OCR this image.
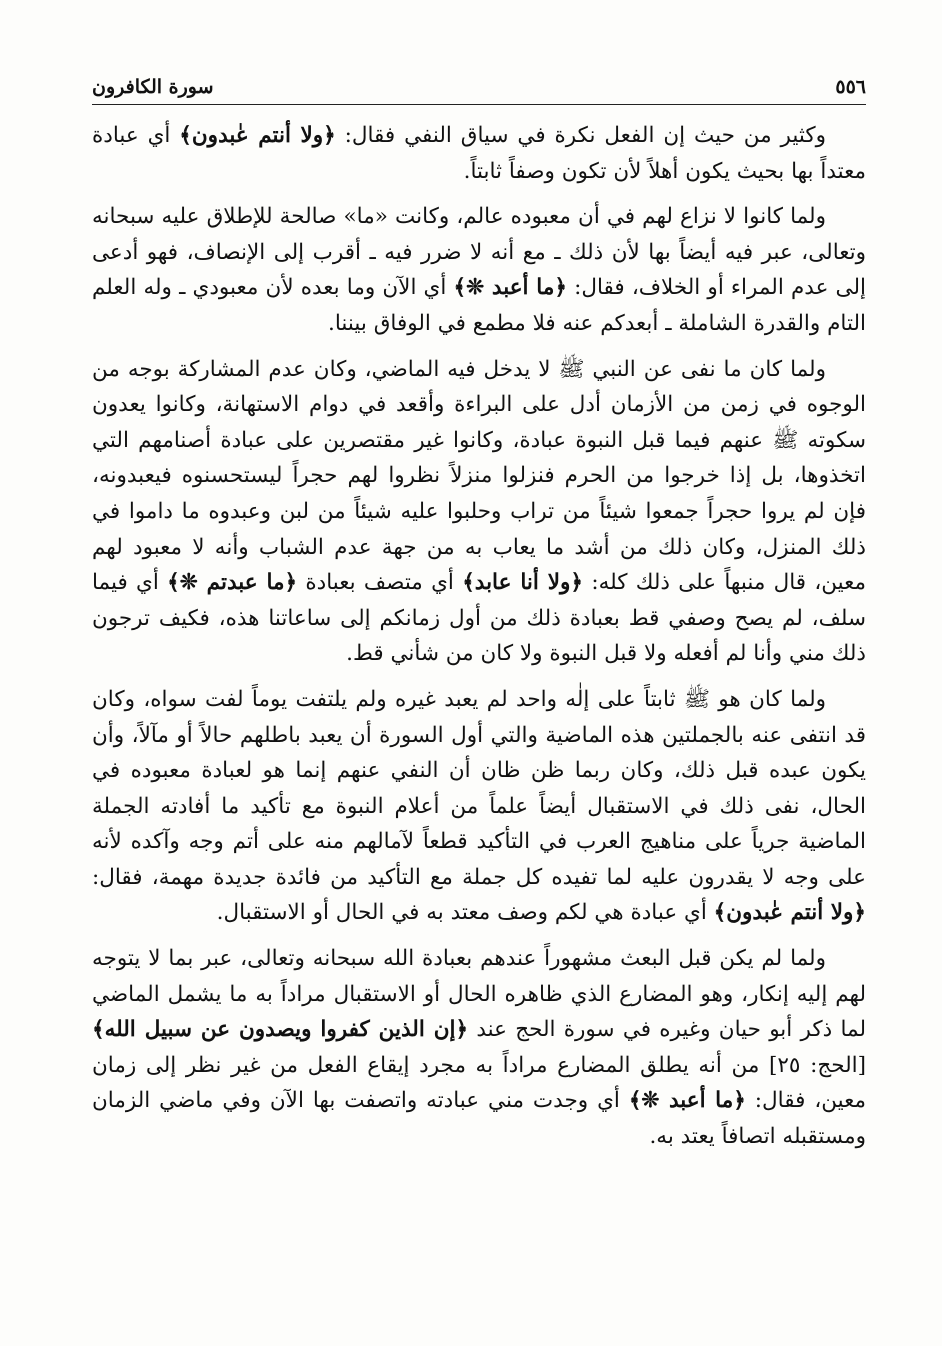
٥٥٦
سورة الكافرون

وكثير من حيث إن الفعل نكرة في سياق النفي فقال: ﴿ولا أنتم عٰبدون﴾ أي عبادة معتداً بها بحيث يكون أهلاً لأن تكون وصفاً ثابتاً.

ولما كانوا لا نزاع لهم في أن معبوده عالم، وكانت «ما» صالحة للإطلاق عليه سبحانه وتعالى، عبر فيه أيضاً بها لأن ذلك ـ مع أنه لا ضرر فيه ـ أقرب إلى الإنصاف، فهو أدعى إلى عدم المراء أو الخلاف، فقال: ﴿ما أعبد ❊﴾ أي الآن وما بعده لأن معبودي ـ وله العلم التام والقدرة الشاملة ـ أبعدكم عنه فلا مطمع في الوفاق بيننا.

ولما كان ما نفى عن النبي ﷺ لا يدخل فيه الماضي، وكان عدم المشاركة بوجه من الوجوه في زمن من الأزمان أدل على البراءة وأقعد في دوام الاستهانة، وكانوا يعدون سكوته ﷺ عنهم فيما قبل النبوة عبادة، وكانوا غير مقتصرين على عبادة أصنامهم التي اتخذوها، بل إذا خرجوا من الحرم فنزلوا منزلاً نظروا لهم حجراً ليستحسنوه فيعبدونه، فإن لم يروا حجراً جمعوا شيئاً من تراب وحلبوا عليه شيئاً من لبن وعبدوه ما داموا في ذلك المنزل، وكان ذلك من أشد ما يعاب به من جهة عدم الشباب وأنه لا معبود لهم معين، قال منبهاً على ذلك كله: ﴿ولا أنا عابد﴾ أي متصف بعبادة ﴿ما عبدتم ❊﴾ أي فيما سلف، لم يصح وصفي قط بعبادة ذلك من أول زمانكم إلى ساعاتنا هذه، فكيف ترجون ذلك مني وأنا لم أفعله ولا قبل النبوة ولا كان من شأني قط.

ولما كان هو ﷺ ثابتاً على إلٰه واحد لم يعبد غيره ولم يلتفت يوماً لفت سواه، وكان قد انتفى عنه بالجملتين هذه الماضية والتي أول السورة أن يعبد باطلهم حالاً أو مآلاً، وأن يكون عبده قبل ذلك، وكان ربما ظن ظان أن النفي عنهم إنما هو لعبادة معبوده في الحال، نفى ذلك في الاستقبال أيضاً علماً من أعلام النبوة مع تأكيد ما أفادته الجملة الماضية جرياً على مناهيج العرب في التأكيد قطعاً لآمالهم منه على أتم وجه وآكده لأنه على وجه لا يقدرون عليه لما تفيده كل جملة مع التأكيد من فائدة جديدة مهمة، فقال: ﴿ولا أنتم عٰبدون﴾ أي عبادة هي لكم وصف معتد به في الحال أو الاستقبال.

ولما لم يكن قبل البعث مشهوراً عندهم بعبادة الله سبحانه وتعالى، عبر بما لا يتوجه لهم إليه إنكار، وهو المضارع الذي ظاهره الحال أو الاستقبال مراداً به ما يشمل الماضي لما ذكر أبو حيان وغيره في سورة الحج عند ﴿إن الذين كفروا ويصدون عن سبيل الله﴾ [الحج: ٢٥] من أنه يطلق المضارع مراداً به مجرد إيقاع الفعل من غير نظر إلى زمان معين، فقال: ﴿ما أعبد ❊﴾ أي وجدت مني عبادته واتصفت بها الآن وفي ماضي الزمان ومستقبله اتصافاً يعتد به.
